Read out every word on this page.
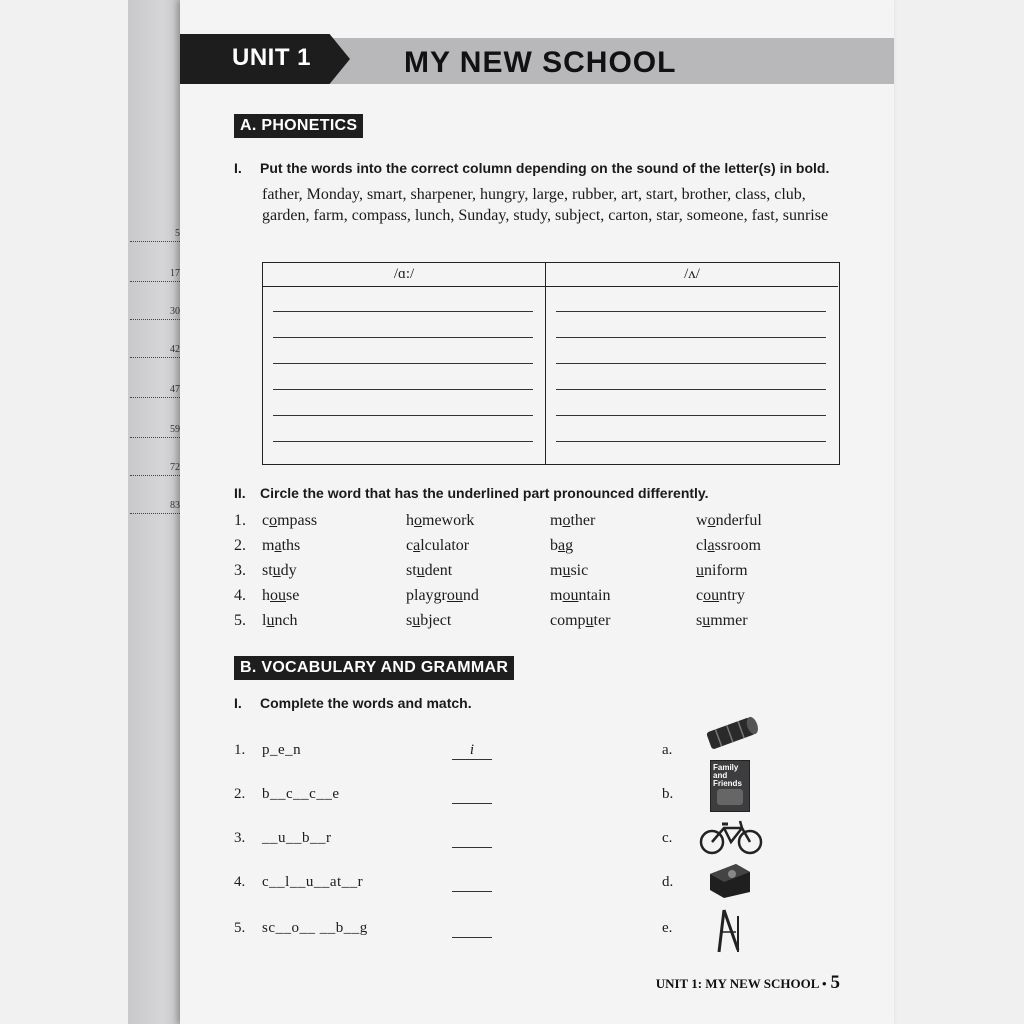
5
17
30
42
47
59
72
83
UNIT 1	MY NEW SCHOOL
A. PHONETICS
I. Put the words into the correct column depending on the sound of the letter(s) in bold.
father, Monday, smart, sharpener, hungry, large, rubber, art, start, brother, class, club, garden, farm, compass, lunch, Sunday, study, subject, carton, star, someone, fast, sunrise
/ɑ:/	/ʌ/
II. Circle the word that has the underlined part pronounced differently.
B. VOCABULARY AND GRAMMAR
I. Complete the words and match.
1. p_e_n	i	a.
2. b__c__c__e	b.
3. __u__b__r	c.
4. c__l__u__at__r	d.
5. sc__o__ __b__g	e.
Family and Friends
UNIT 1: MY NEW SCHOOL • 5
1. compass	homework	mother	wonderful
2. maths	calculator	bag	classroom
3. study	student	music	uniform
4. house	playground	mountain	country
5. lunch	subject	computer	summer
